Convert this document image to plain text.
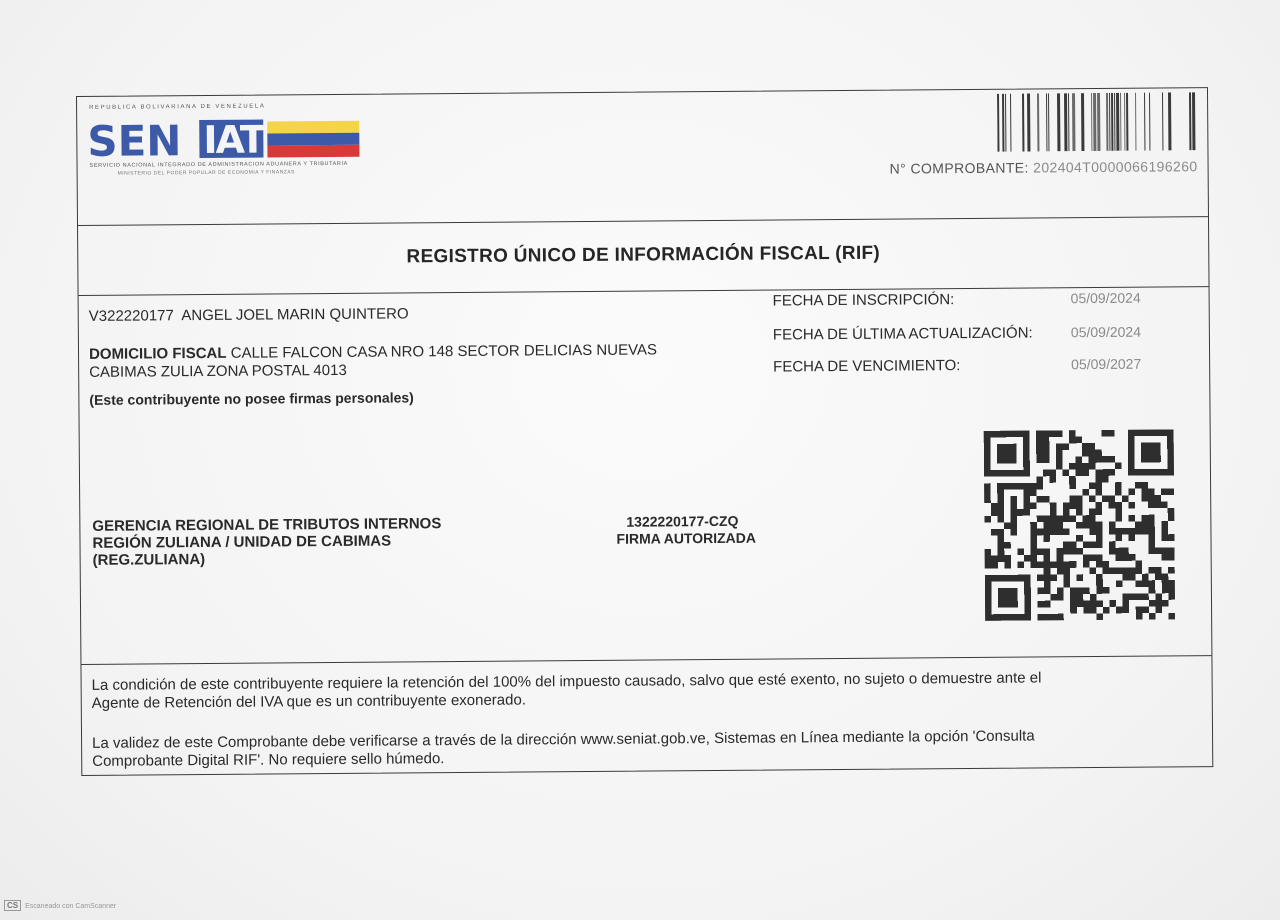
REPUBLICA BOLIVARIANA DE VENEZUELA
SEN IAT
SERVICIO NACIONAL INTEGRADO DE ADMINISTRACION ADUANERA Y TRIBUTARIA
MINISTERIO DEL PODER POPULAR DE ECONOMIA Y FINANZAS	N° COMPROBANTE: 202404T0000066196260
REGISTRO ÚNICO DE INFORMACIÓN FISCAL (RIF)
V322220177 ANGEL JOEL MARIN QUINTERO
DOMICILIO FISCAL CALLE FALCON CASA NRO 148 SECTOR DELICIAS NUEVAS
CABIMAS ZULIA ZONA POSTAL 4013
(Este contribuyente no posee firmas personales)
FECHA DE INSCRIPCIÓN:	05/09/2024
FECHA DE ÚLTIMA ACTUALIZACIÓN:	05/09/2024
FECHA DE VENCIMIENTO:	05/09/2027
GERENCIA REGIONAL DE TRIBUTOS INTERNOS
REGIÓN ZULIANA / UNIDAD DE CABIMAS
(REG.ZULIANA)
1322220177-CZQ
FIRMA AUTORIZADA
La condición de este contribuyente requiere la retención del 100% del impuesto causado, salvo que esté exento, no sujeto o demuestre ante el
Agente de Retención del IVA que es un contribuyente exonerado.
La validez de este Comprobante debe verificarse a través de la dirección www.seniat.gob.ve, Sistemas en Línea mediante la opción 'Consulta
Comprobante Digital RIF'. No requiere sello húmedo.
CS Escaneado con CamScanner
